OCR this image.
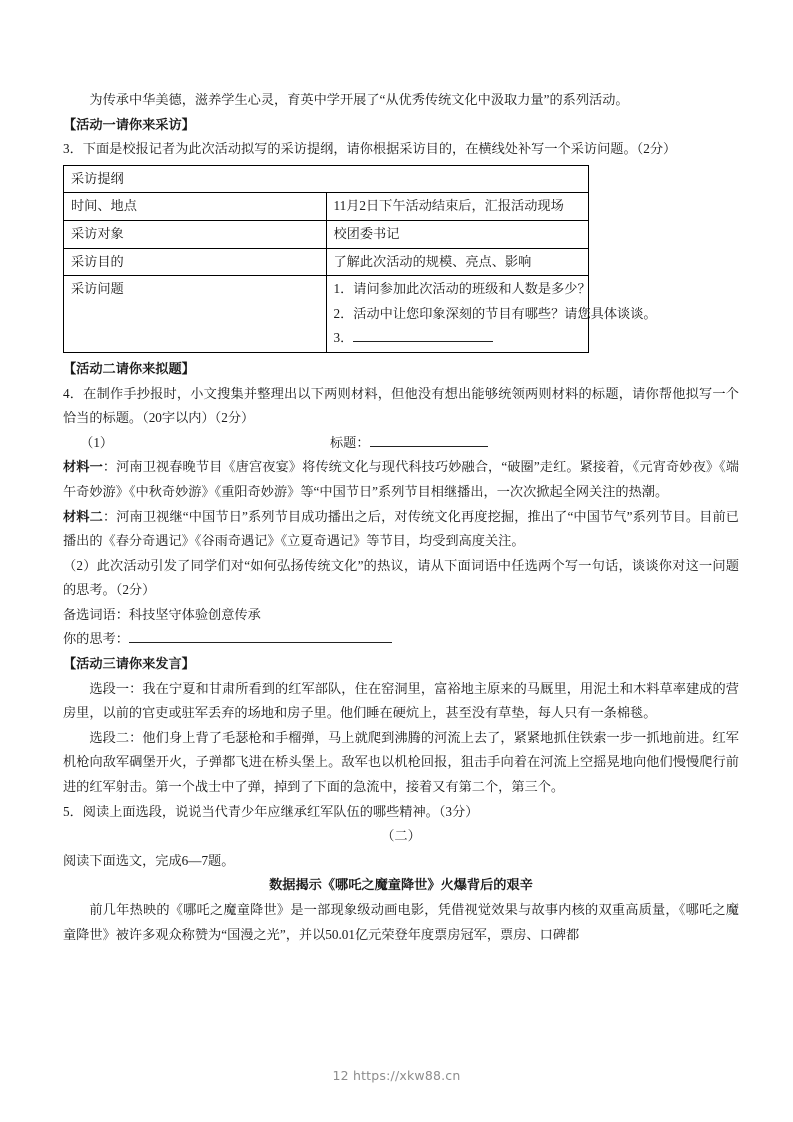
为传承中华美德，滋养学生心灵，育英中学开展了“从优秀传统文化中汲取力量”的系列活动。

【活动一请你来采访】

3．下面是校报记者为此次活动拟写的采访提纲，请你根据采访目的，在横线处补写一个采访问题。（2分）

采访提纲	
时间、地点	11月2日下午活动结束后，汇报活动现场
采访对象	校团委书记
采访目的	了解此次活动的规模、亮点、影响
采访问题	1．请问参加此次活动的班级和人数是多少？
2．活动中让您印象深刻的节目有哪些？请您具体谈谈。
3．

【活动二请你来拟题】

4．在制作手抄报时，小文搜集并整理出以下两则材料，但他没有想出能够统领两则材料的标题，请你帮他拟写一个恰当的标题。（20字以内）（2分）

（1）	标题：

材料一：河南卫视春晚节目《唐宫夜宴》将传统文化与现代科技巧妙融合，“破圈”走红。紧接着，《元宵奇妙夜》《端午奇妙游》《中秋奇妙游》《重阳奇妙游》等“中国节日”系列节目相继播出，一次次掀起全网关注的热潮。

材料二：河南卫视继“中国节日”系列节目成功播出之后，对传统文化再度挖掘，推出了“中国节气”系列节目。目前已播出的《春分奇遇记》《谷雨奇遇记》《立夏奇遇记》等节目，均受到高度关注。

（2）此次活动引发了同学们对“如何弘扬传统文化”的热议，请从下面词语中任选两个写一句话，谈谈你对这一问题的思考。（2分）

备选词语：科技坚守体验创意传承

你的思考：

【活动三请你来发言】

选段一：我在宁夏和甘肃所看到的红军部队，住在窑洞里，富裕地主原来的马厩里，用泥土和木料草率建成的营房里，以前的官吏或驻军丢弃的场地和房子里。他们睡在硬炕上，甚至没有草垫，每人只有一条棉毯。

选段二：他们身上背了毛瑟枪和手榴弹，马上就爬到沸腾的河流上去了，紧紧地抓住铁索一步一抓地前进。红军机枪向敌军碉堡开火，子弹都飞进在桥头堡上。敌军也以机枪回报，狙击手向着在河流上空摇晃地向他们慢慢爬行前进的红军射击。第一个战士中了弹，掉到了下面的急流中，接着又有第二个，第三个。

5．阅读上面选段，说说当代青少年应继承红军队伍的哪些精神。（3分）

（二）

阅读下面选文，完成6—7题。

数据揭示《哪吒之魔童降世》火爆背后的艰辛

前几年热映的《哪吒之魔童降世》是一部现象级动画电影，凭借视觉效果与故事内核的双重高质量，《哪吒之魔童降世》被许多观众称赞为“国漫之光”，并以50.01亿元荣登年度票房冠军，票房、口碑都

12 https://xkw88.cn
